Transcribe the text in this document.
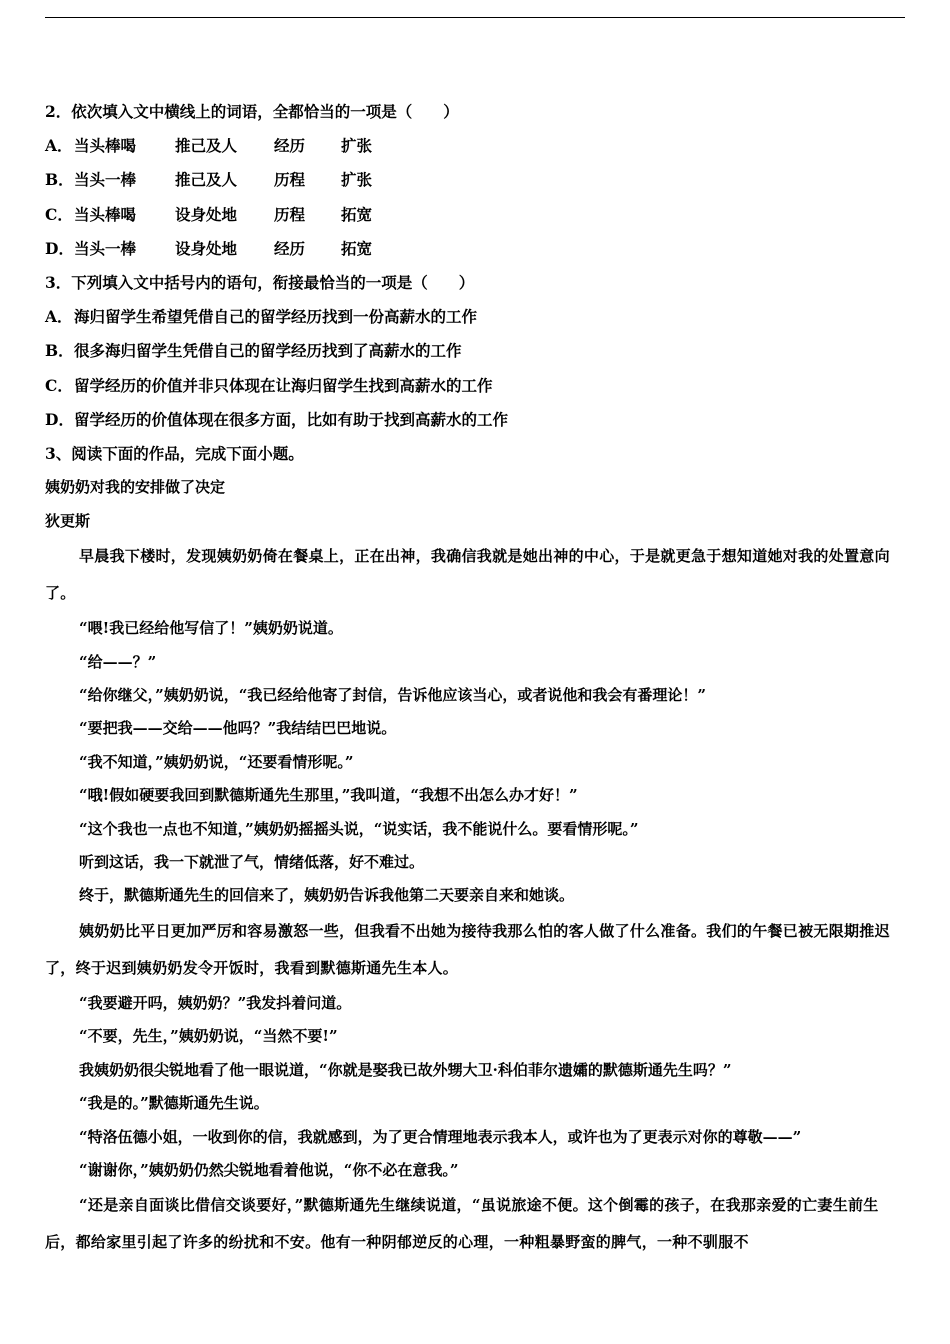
2．依次填入文中横线上的词语，全都恰当的一项是（　　）
A．当头棒喝	推己及人 经历 扩张
B．当头一棒	推己及人 历程 扩张
C．当头棒喝	设身处地 历程 拓宽
D．当头一棒	设身处地 经历 拓宽
3．下列填入文中括号内的语句，衔接最恰当的一项是（　　）
A．海归留学生希望凭借自己的留学经历找到一份高薪水的工作
B．很多海归留学生凭借自己的留学经历找到了高薪水的工作
C．留学经历的价值并非只体现在让海归留学生找到高薪水的工作
D．留学经历的价值体现在很多方面，比如有助于找到高薪水的工作
3、阅读下面的作品，完成下面小题。
姨奶奶对我的安排做了决定
狄更斯

早晨我下楼时，发现姨奶奶倚在餐桌上，正在出神，我确信我就是她出神的中心，于是就更急于想知道她对我的处置意向了。

“喂!我已经给他写信了！”姨奶奶说道。

“给——？”

“给你继父，”姨奶奶说，“我已经给他寄了封信，告诉他应该当心，或者说他和我会有番理论！”

“要把我——交给——他吗？”我结结巴巴地说。

“我不知道，”姨奶奶说，“还要看情形呢。”

“哦!假如硬要我回到默德斯通先生那里，”我叫道，“我想不出怎么办才好！”

“这个我也一点也不知道，”姨奶奶摇摇头说，“说实话，我不能说什么。要看情形呢。”

听到这话，我一下就泄了气，情绪低落，好不难过。

终于，默德斯通先生的回信来了，姨奶奶告诉我他第二天要亲自来和她谈。

姨奶奶比平日更加严厉和容易激怒一些，但我看不出她为接待我那么怕的客人做了什么准备。我们的午餐已被无限期推迟了，终于迟到姨奶奶发令开饭时，我看到默德斯通先生本人。

“我要避开吗，姨奶奶？”我发抖着问道。

“不要，先生，”姨奶奶说，“当然不要!”

我姨奶奶很尖锐地看了他一眼说道，“你就是娶我已故外甥大卫·科伯菲尔遗孀的默德斯通先生吗？”

“我是的。”默德斯通先生说。

“特洛伍德小姐，一收到你的信，我就感到，为了更合情理地表示我本人，或许也为了更表示对你的尊敬——”

“谢谢你，”姨奶奶仍然尖锐地看着他说，“你不必在意我。”

“还是亲自面谈比借信交谈要好，”默德斯通先生继续说道，“虽说旅途不便。这个倒霉的孩子，在我那亲爱的亡妻生前生后，都给家里引起了许多的纷扰和不安。他有一种阴郁逆反的心理，一种粗暴野蛮的脾气，一种不驯服不
